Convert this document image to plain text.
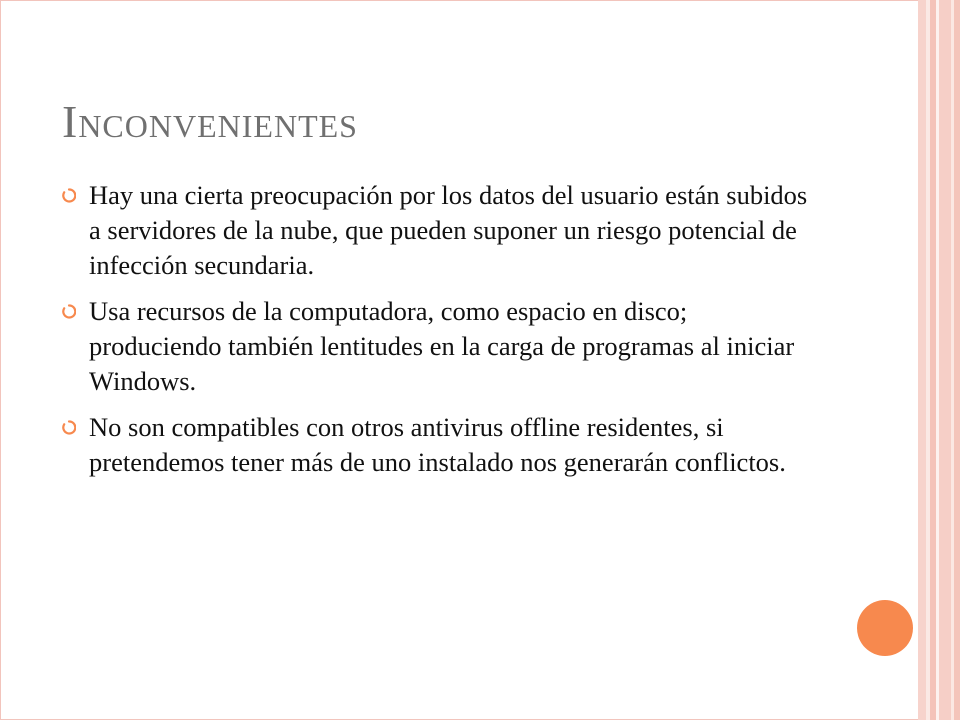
Inconvenientes
Hay una cierta preocupación por los datos del usuario están subidos a servidores de la nube, que pueden suponer un riesgo potencial de infección secundaria.
Usa recursos de la computadora, como espacio en disco; produciendo también lentitudes en la carga de programas al iniciar Windows.
No son compatibles con otros antivirus offline residentes, si pretendemos tener más de uno instalado nos generarán conflictos.
